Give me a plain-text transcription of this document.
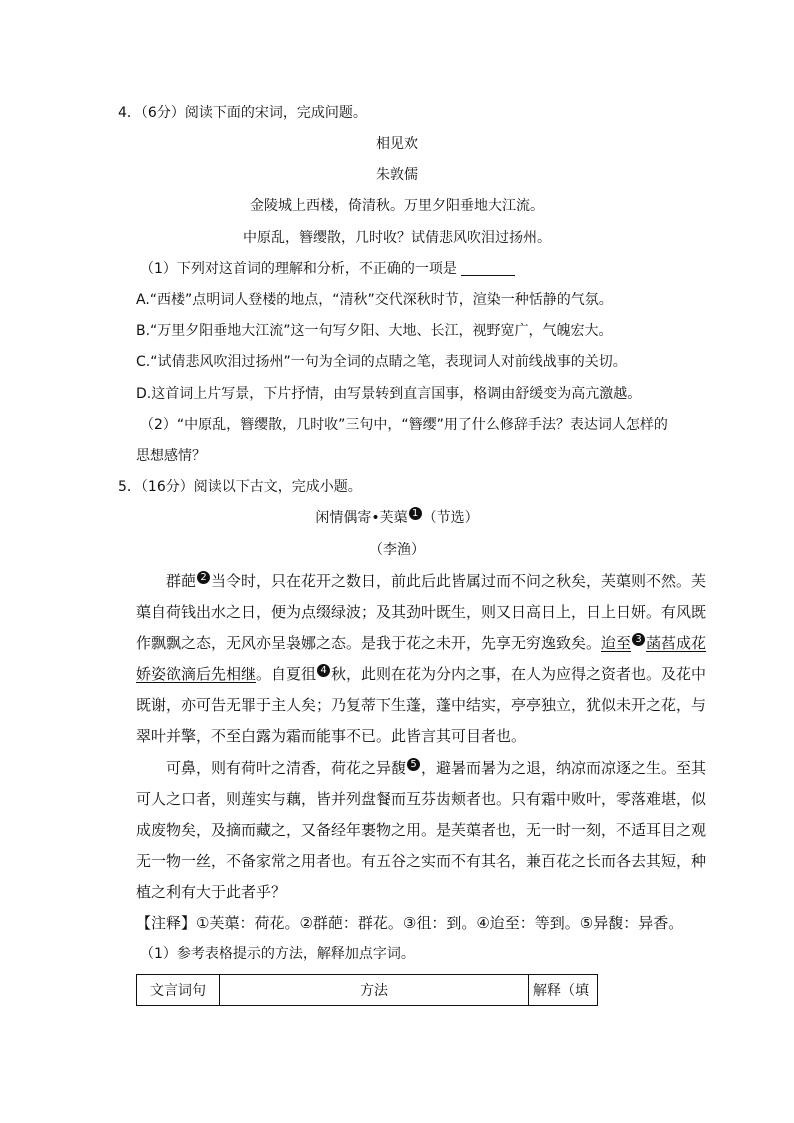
4．（6分）阅读下面的宋词，完成问题。
相见欢
朱敦儒
金陵城上西楼，倚清秋。万里夕阳垂地大江流。
中原乱，簪缨散，几时收？试倩悲风吹泪过扬州。
（1）下列对这首词的理解和分析，不正确的一项是
A.“西楼”点明词人登楼的地点，“清秋”交代深秋时节，渲染一种恬静的气氛。
B.“万里夕阳垂地大江流”这一句写夕阳、大地、长江，视野宽广，气魄宏大。
C.“试倩悲风吹泪过扬州”一句为全词的点睛之笔，表现词人对前线战事的关切。
D.这首词上片写景，下片抒情，由写景转到直言国事，格调由舒缓变为高亢激越。
（2）“中原乱，簪缨散，几时收”三句中，“簪缨”用了什么修辞手法？表达词人怎样的
思想感情？
5．（16分）阅读以下古文，完成小题。
闲情偶寄•芙蕖 1 （节选）
（李渔）
群葩 2 当令时，只在花开之数日，前此后此皆属过而不问之秋矣，芙蕖则不然。芙
蕖自荷钱出水之日，便为点缀绿波；及其劲叶既生，则又日高日上，日上日妍。有风既
作飘飘之态，无风亦呈袅娜之态。是我于花之未开，先享无穷逸致矣。迨至 3 菡萏成花
娇姿欲滴后先相继。自夏徂 4 秋，此则在花为分内之事，在人为应得之资者也。及花中
既谢，亦可告无罪于主人矣；乃复蒂下生蓬，蓬中结实，亭亭独立，犹似未开之花，与
翠叶并擎，不至白露为霜而能事不已。此皆言其可目者也。
可鼻，则有荷叶之清香，荷花之异馥 5 ，避暑而暑为之退，纳凉而凉逐之生。至其
可人之口者，则莲实与藕，皆并列盘餐而互芬齿颊者也。只有霜中败叶，零落难堪，似
成废物矣，及摘而藏之，又备经年裹物之用。是芙蕖者也，无一时一刻，不适耳目之观
无一物一丝，不备家常之用者也。有五谷之实而不有其名，兼百花之长而各去其短，种
植之利有大于此者乎？
【注释】①芙蕖：荷花。②群葩：群花。③徂：到。④迨至：等到。⑤异馥：异香。
（1）参考表格提示的方法，解释加点字词。
文言词句	方法	解释（填
